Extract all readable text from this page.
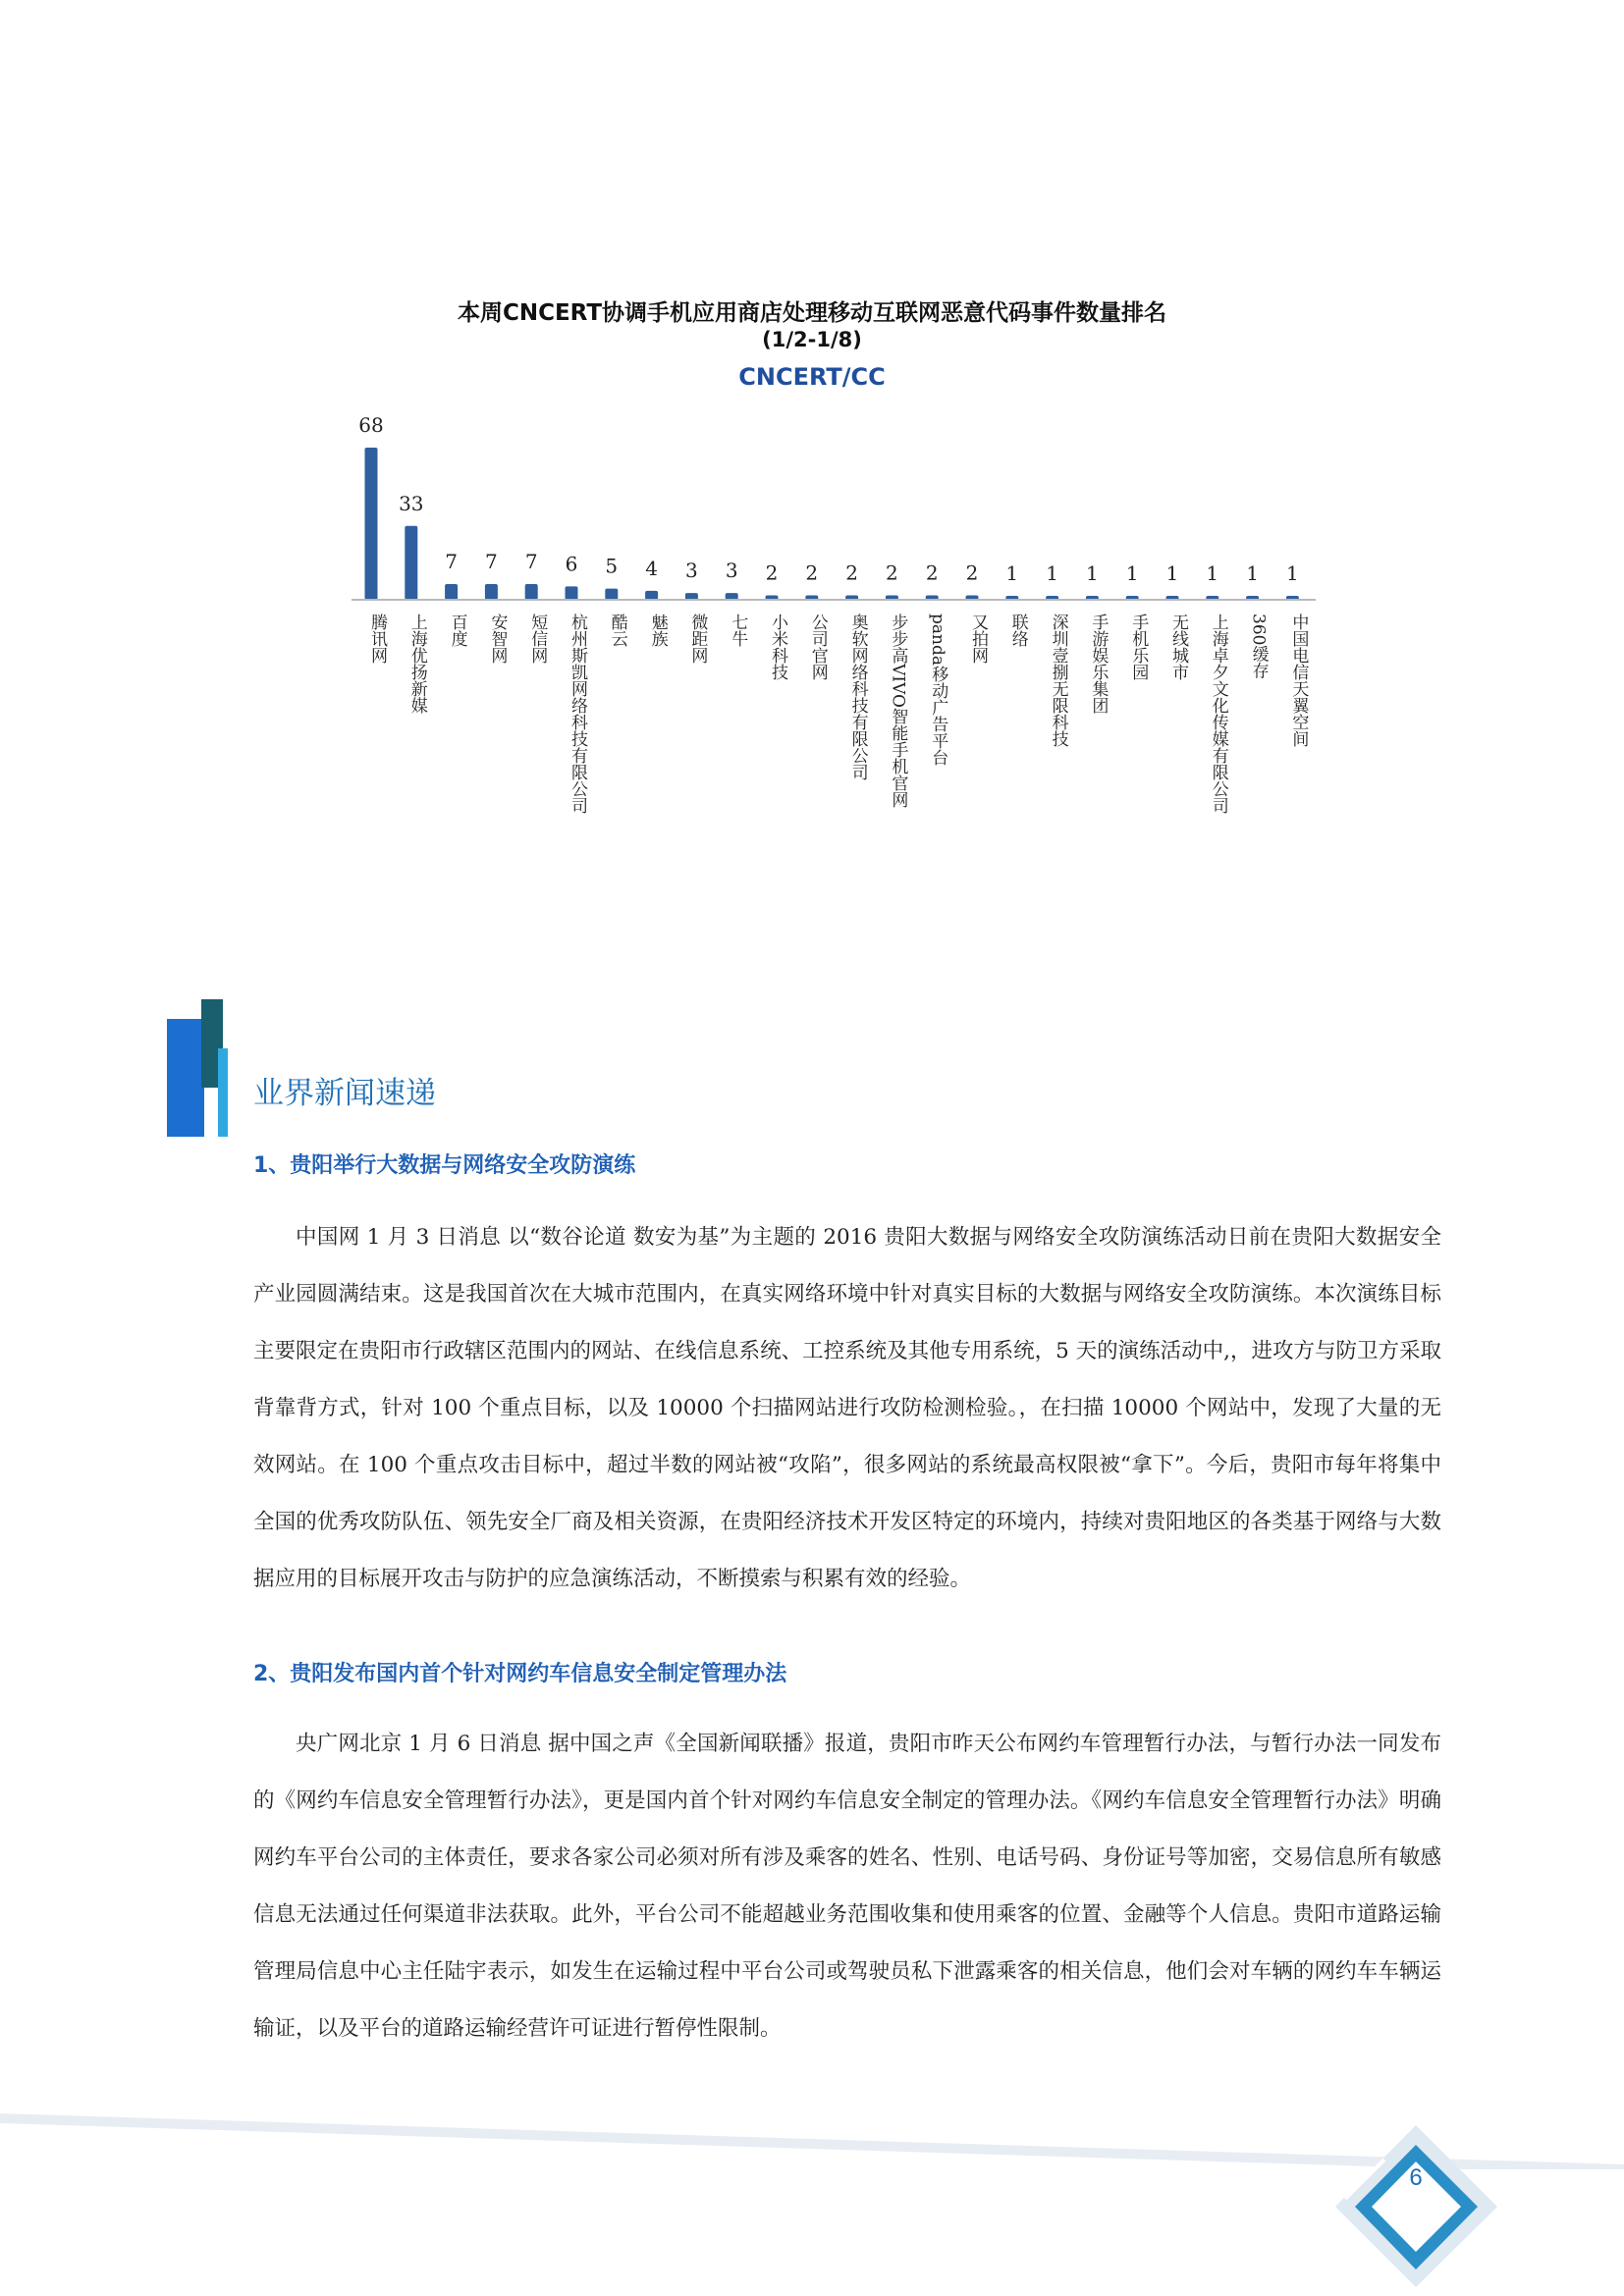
本周CNCERT协调手机应用商店处理移动互联网恶意代码事件数量排名
(1/2-1/8)
CNCERT/CC
68
腾讯网
33
上海优扬新媒
7
百度
7
安智网
7
短信网
6
杭州斯凯网络科技有限公司
5
酷云
4
魅族
3
微距网
3
七牛
2
小米科技
2
公司官网
2
奥软网络科技有限公司
2
步步高VIVO智能手机官网
2
panda移动广告平台
2
又拍网
1
联络
1
深圳壹捌无限科技
1
手游娱乐集团
1
手机乐园
1
无线城市
1
上海卓夕文化传媒有限公司
1
360缓存
1
中国电信天翼空间
业界新闻速递
1、贵阳举行大数据与网络安全攻防演练
中国网 1 月 3 日消息 以“数谷论道 数安为基”为主题的 2016 贵阳大数据与网络安全攻防演练活动日前在贵阳大数据安全产业园圆满结束。这是我国首次在大城市范围内，在真实网络环境中针对真实目标的大数据与网络安全攻防演练。本次演练目标主要限定在贵阳市行政辖区范围内的网站、在线信息系统、工控系统及其他专用系统，5 天的演练活动中,，进攻方与防卫方采取背靠背方式，针对 100 个重点目标，以及 10000 个扫描网站进行攻防检测检验。，在扫描 10000 个网站中，发现了大量的无效网站。在 100 个重点攻击目标中，超过半数的网站被“攻陷”，很多网站的系统最高权限被“拿下”。今后，贵阳市每年将集中全国的优秀攻防队伍、领先安全厂商及相关资源，在贵阳经济技术开发区特定的环境内，持续对贵阳地区的各类基于网络与大数据应用的目标展开攻击与防护的应急演练活动，不断摸索与积累有效的经验。
2、贵阳发布国内首个针对网约车信息安全制定管理办法
央广网北京 1 月 6 日消息 据中国之声《全国新闻联播》报道，贵阳市昨天公布网约车管理暂行办法，与暂行办法一同发布的《网约车信息安全管理暂行办法》，更是国内首个针对网约车信息安全制定的管理办法。《网约车信息安全管理暂行办法》明确网约车平台公司的主体责任，要求各家公司必须对所有涉及乘客的姓名、性别、电话号码、身份证号等加密，交易信息所有敏感信息无法通过任何渠道非法获取。此外，平台公司不能超越业务范围收集和使用乘客的位置、金融等个人信息。贵阳市道路运输管理局信息中心主任陆宇表示，如发生在运输过程中平台公司或驾驶员私下泄露乘客的相关信息，他们会对车辆的网约车车辆运输证，以及平台的道路运输经营许可证进行暂停性限制。
6
